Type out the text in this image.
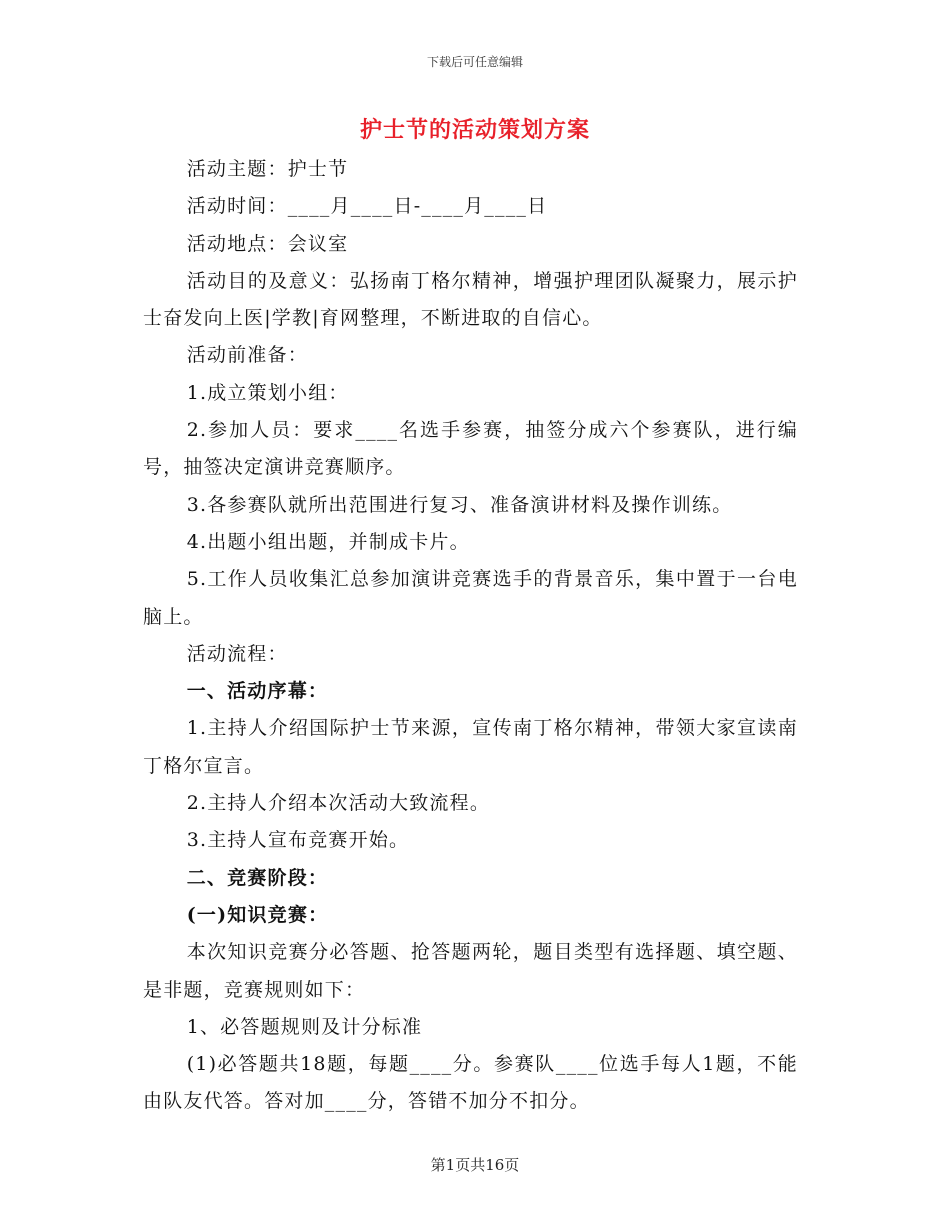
下载后可任意编辑
护士节的活动策划方案

活动主题：护士节

活动时间：____月____日-____月____日

活动地点：会议室

活动目的及意义：弘扬南丁格尔精神，增强护理团队凝聚力，展示护士奋发向上医|学教|育网整理，不断进取的自信心。

活动前准备：

1.成立策划小组：

2.参加人员：要求____名选手参赛，抽签分成六个参赛队，进行编号，抽签决定演讲竞赛顺序。

3.各参赛队就所出范围进行复习、准备演讲材料及操作训练。

4.出题小组出题，并制成卡片。

5.工作人员收集汇总参加演讲竞赛选手的背景音乐，集中置于一台电脑上。

活动流程：

一、活动序幕：

1.主持人介绍国际护士节来源，宣传南丁格尔精神，带领大家宣读南丁格尔宣言。

2.主持人介绍本次活动大致流程。

3.主持人宣布竞赛开始。

二、竞赛阶段：

(一)知识竞赛：

本次知识竞赛分必答题、抢答题两轮，题目类型有选择题、填空题、是非题，竞赛规则如下：

1、必答题规则及计分标准

(1)必答题共18题，每题____分。参赛队____位选手每人1题，不能由队友代答。答对加____分，答错不加分不扣分。

第1页共16页
